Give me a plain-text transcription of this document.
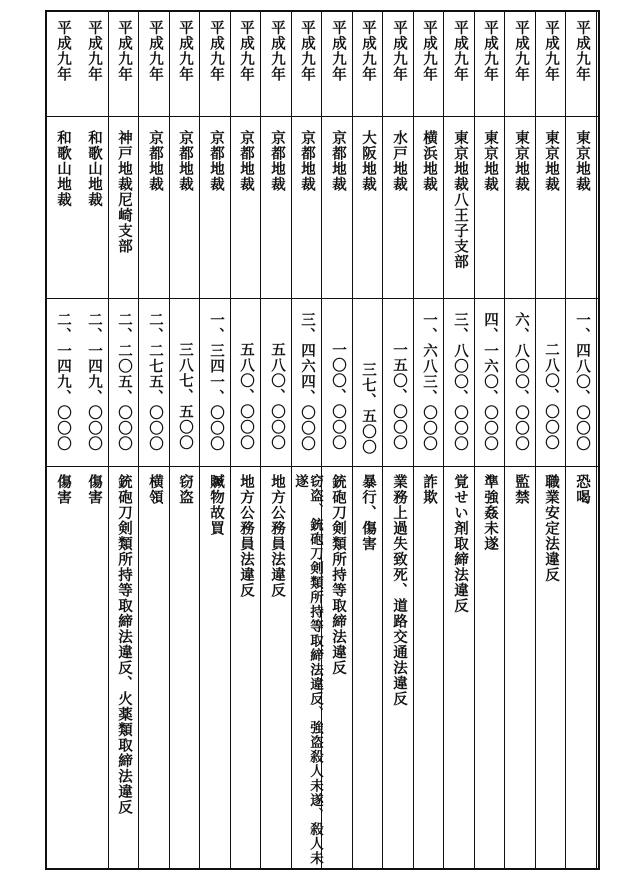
平成九年
東京地裁
一、四八〇、〇〇〇
恐喝
平成九年
東京地裁
二八〇、〇〇〇
職業安定法違反
平成九年
東京地裁
六、八〇〇、〇〇〇
監禁
平成九年
東京地裁
四、一六〇、〇〇〇
準強姦未遂
平成九年
東京地裁八王子支部
三、八〇〇、〇〇〇
覚せい剤取締法違反
平成九年
横浜地裁
一、六八三、〇〇〇
詐欺
平成九年
水戸地裁
一五〇、〇〇〇
業務上過失致死、道路交通法違反
平成九年
大阪地裁
三七、五〇〇
暴行、傷害
平成九年
京都地裁
一〇〇、〇〇〇
銃砲刀剣類所持等取締法違反
平成九年
京都地裁
三、四六四、〇〇〇
窃盗、銃砲刀剣類所持等取締法違反、強盗殺人未遂、殺人未遂
平成九年
京都地裁
五八〇、〇〇〇
地方公務員法違反
平成九年
京都地裁
五八〇、〇〇〇
地方公務員法違反
平成九年
京都地裁
一、三四一、〇〇〇
贓物故買
平成九年
京都地裁
三八七、五〇〇
窃盗
平成九年
京都地裁
二、二七五、〇〇〇
横領
平成九年
神戸地裁尼崎支部
二、二〇五、〇〇〇
銃砲刀剣類所持等取締法違反、火薬類取締法違反
平成九年
和歌山地裁
二、一四九、〇〇〇
傷害
平成九年
和歌山地裁
二、一四九、〇〇〇
傷害
